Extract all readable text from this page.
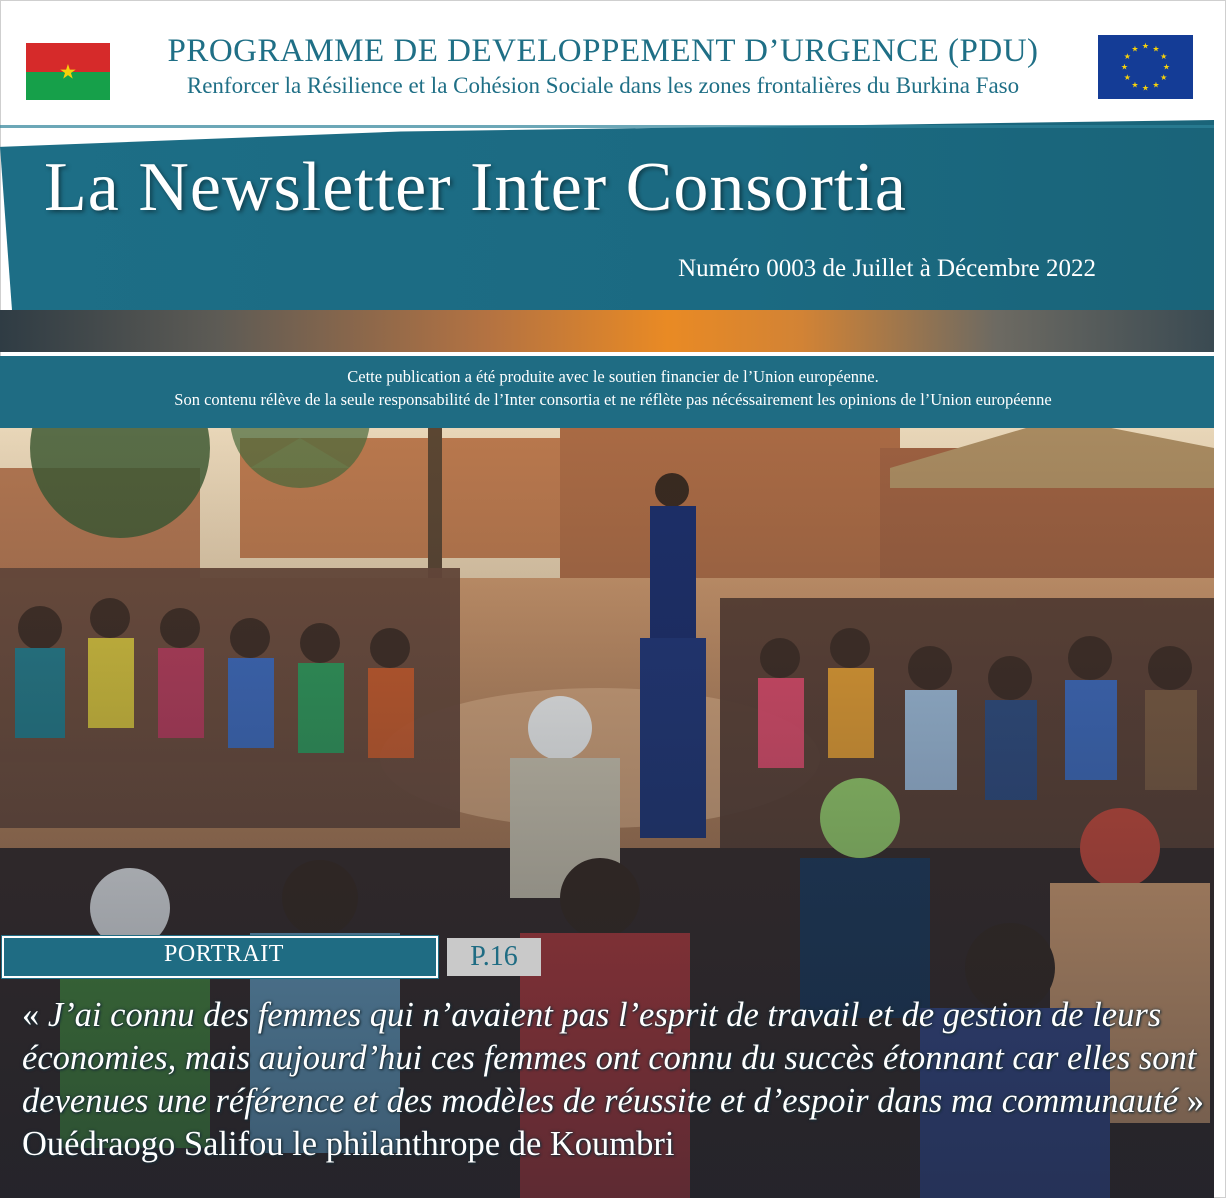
★
PROGRAMME DE DEVELOPPEMENT D’URGENCE (PDU)
Renforcer la Résilience et la Cohésion Sociale dans les zones frontalières du Burkina Faso
★ ★
★
★
★
★
★
★
★
★
★
★
La Newsletter Inter Consortia
Numéro 0003 de Juillet à Décembre 2022
Cette publication a été produite avec le soutien financier de l’Union européenne.
Son contenu rélève de la seule responsabilité de l’Inter consortia et ne réflète pas nécéssairement les opinions de l’Union européenne
PORTRAIT	P.16
« J’ai connu des femmes qui n’avaient pas l’esprit de travail et de gestion de leurs économies, mais aujourd’hui ces femmes ont connu du succès étonnant car elles sont devenues une référence et des modèles de réussite et d’espoir dans ma communauté » Ouédraogo Salifou le philanthrope de Koumbri
